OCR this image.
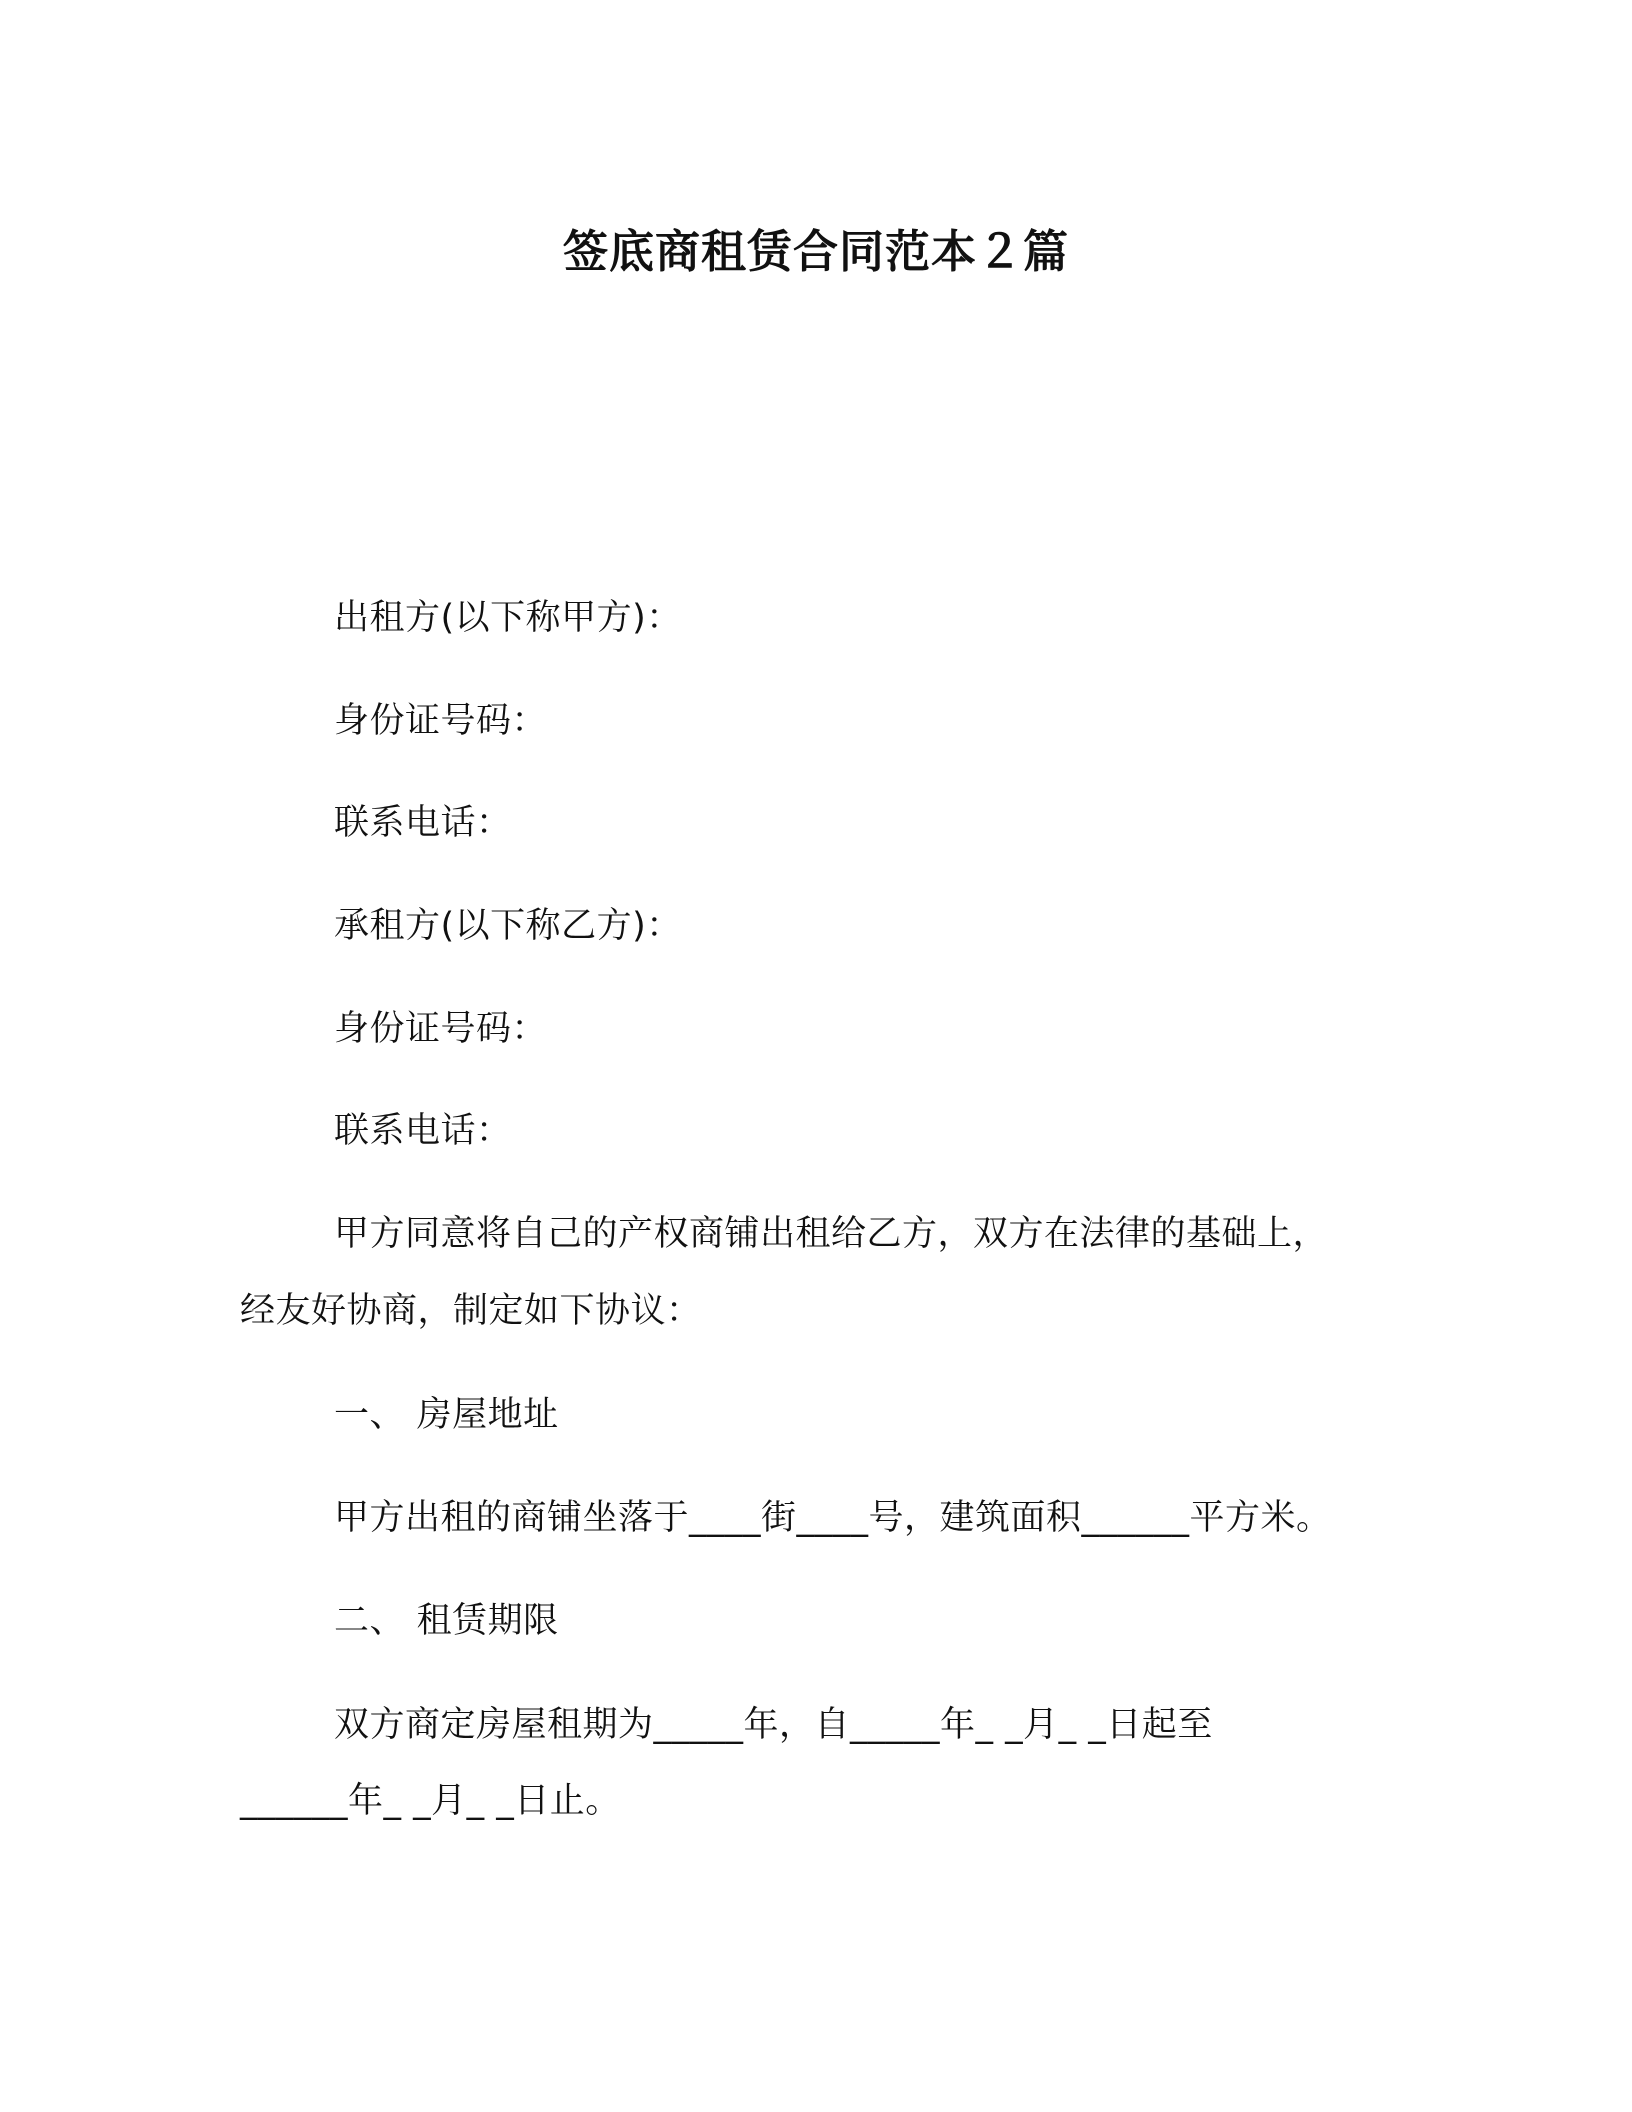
签底商租赁合同范本２篇
出租方(以下称甲方)：
身份证号码：
联系电话：
承租方(以下称乙方)：
身份证号码：
联系电话：
甲方同意将自己的产权商铺出租给乙方，双方在法律的基础上，
经友好协商，制定如下协议：
一、 房屋地址
甲方出租的商铺坐落于____街____号，建筑面积______平方米。
二、 租赁期限
双方商定房屋租期为_____年，自_____年_ _月_ _日起至
______年_ _月_ _日止。
